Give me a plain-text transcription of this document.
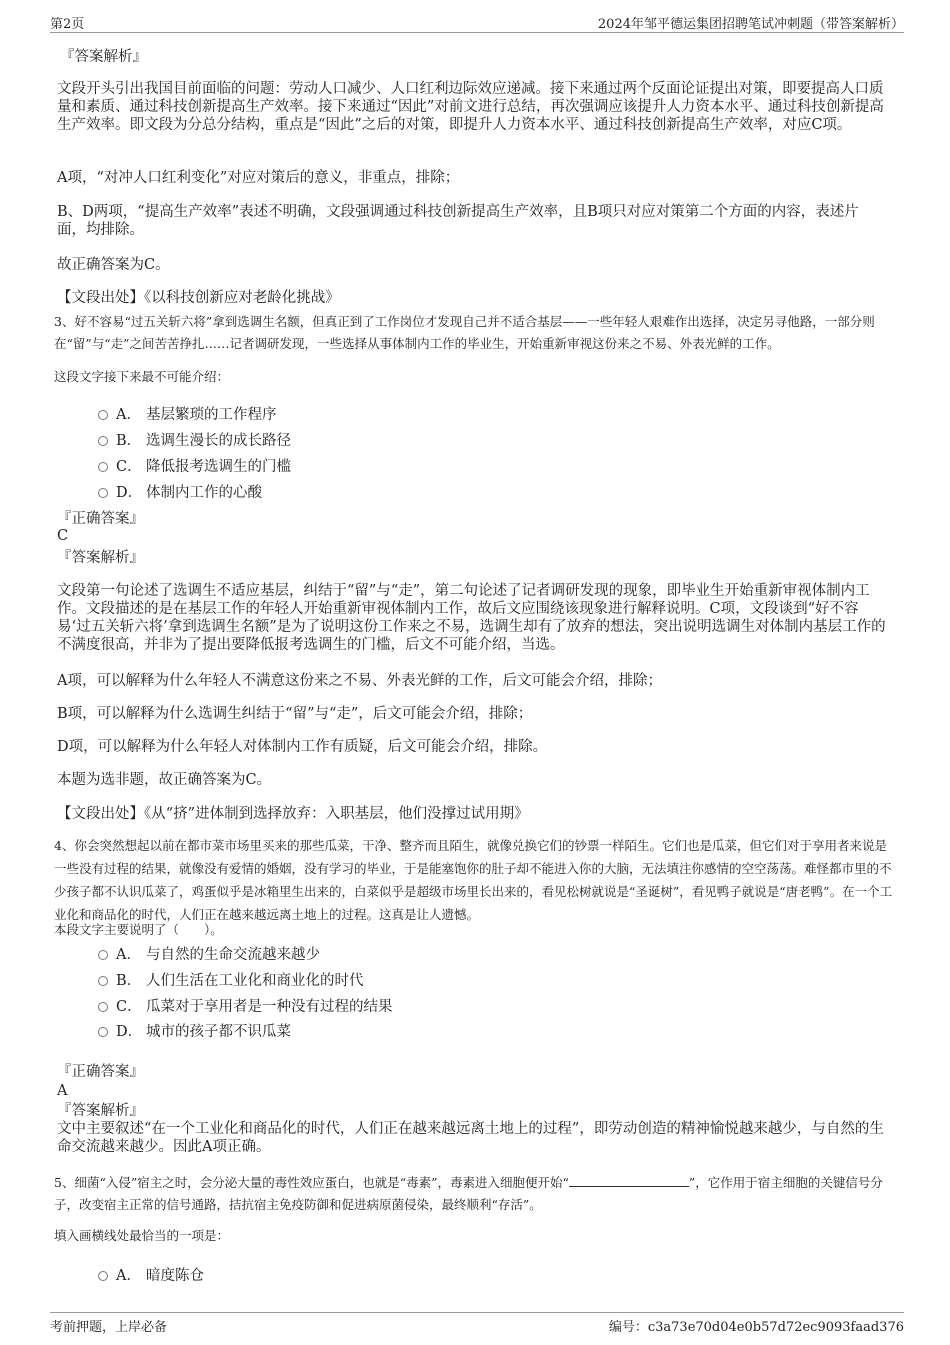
第2页	2024年邹平德运集团招聘笔试冲刺题（带答案解析）
『答案解析』
文段开头引出我国目前面临的问题：劳动人口减少、人口红利边际效应递减。接下来通过两个反面论证提出对策，即要提高人口质量和素质、通过科技创新提高生产效率。接下来通过“因此”对前文进行总结，再次强调应该提升人力资本水平、通过科技创新提高生产效率。即文段为分总分结构，重点是“因此”之后的对策，即提升人力资本水平、通过科技创新提高生产效率，对应C项。
A项，“对冲人口红利变化”对应对策后的意义，非重点，排除；
B、D两项，“提高生产效率”表述不明确，文段强调通过科技创新提高生产效率，且B项只对应对策第二个方面的内容，表述片面，均排除。
故正确答案为C。
【文段出处】《以科技创新应对老龄化挑战》
3、好不容易“过五关斩六将”拿到选调生名额，但真正到了工作岗位才发现自己并不适合基层——一些年轻人艰难作出选择，决定另寻他路，一部分则在“留”与“走”之间苦苦挣扎……记者调研发现，一些选择从事体制内工作的毕业生，开始重新审视这份来之不易、外表光鲜的工作。
这段文字接下来最不可能介绍：
A． 基层繁琐的工作程序
B． 选调生漫长的成长路径
C． 降低报考选调生的门槛
D． 体制内工作的心酸
『正确答案』
C
『答案解析』
文段第一句论述了选调生不适应基层，纠结于“留”与“走”，第二句论述了记者调研发现的现象，即毕业生开始重新审视体制内工作。文段描述的是在基层工作的年轻人开始重新审视体制内工作，故后文应围绕该现象进行解释说明。C项，文段谈到“好不容易‘过五关斩六将’拿到选调生名额”是为了说明这份工作来之不易，选调生却有了放弃的想法，突出说明选调生对体制内基层工作的不满度很高，并非为了提出要降低报考选调生的门槛，后文不可能介绍，当选。
A项，可以解释为什么年轻人不满意这份来之不易、外表光鲜的工作，后文可能会介绍，排除；
B项，可以解释为什么选调生纠结于“留”与“走”，后文可能会介绍，排除；
D项，可以解释为什么年轻人对体制内工作有质疑，后文可能会介绍，排除。
本题为选非题，故正确答案为C。
【文段出处】《从“挤”进体制到选择放弃：入职基层，他们没撑过试用期》
4、你会突然想起以前在都市菜市场里买来的那些瓜菜，干净、整齐而且陌生，就像兑换它们的钞票一样陌生。它们也是瓜菜，但它们对于享用者来说是一些没有过程的结果，就像没有爱情的婚姻，没有学习的毕业，于是能塞饱你的肚子却不能进入你的大脑，无法填注你感情的空空荡荡。难怪都市里的不少孩子都不认识瓜菜了，鸡蛋似乎是冰箱里生出来的，白菜似乎是超级市场里长出来的，看见松树就说是“圣诞树”，看见鸭子就说是“唐老鸭”。在一个工业化和商品化的时代，人们正在越来越远离土地上的过程。这真是让人遗憾。
本段文字主要说明了（　　）。
A． 与自然的生命交流越来越少
B． 人们生活在工业化和商业化的时代
C． 瓜菜对于享用者是一种没有过程的结果
D． 城市的孩子都不识瓜菜
『正确答案』
A
『答案解析』
文中主要叙述“在一个工业化和商品化的时代，人们正在越来越远离土地上的过程”，即劳动创造的精神愉悦越来越少，与自然的生命交流越来越少。因此A项正确。
5、细菌“入侵”宿主之时，会分泌大量的毒性效应蛋白，也就是“毒素”，毒素进入细胞便开始“	”，它作用于宿主细胞的关键信号分子，改变宿主正常的信号通路，拮抗宿主免疫防御和促进病原菌侵染，最终顺利“存活”。
填入画横线处最恰当的一项是：
A． 暗度陈仓
考前押题，上岸必备	编号：c3a73e70d04e0b57d72ec9093faad376
